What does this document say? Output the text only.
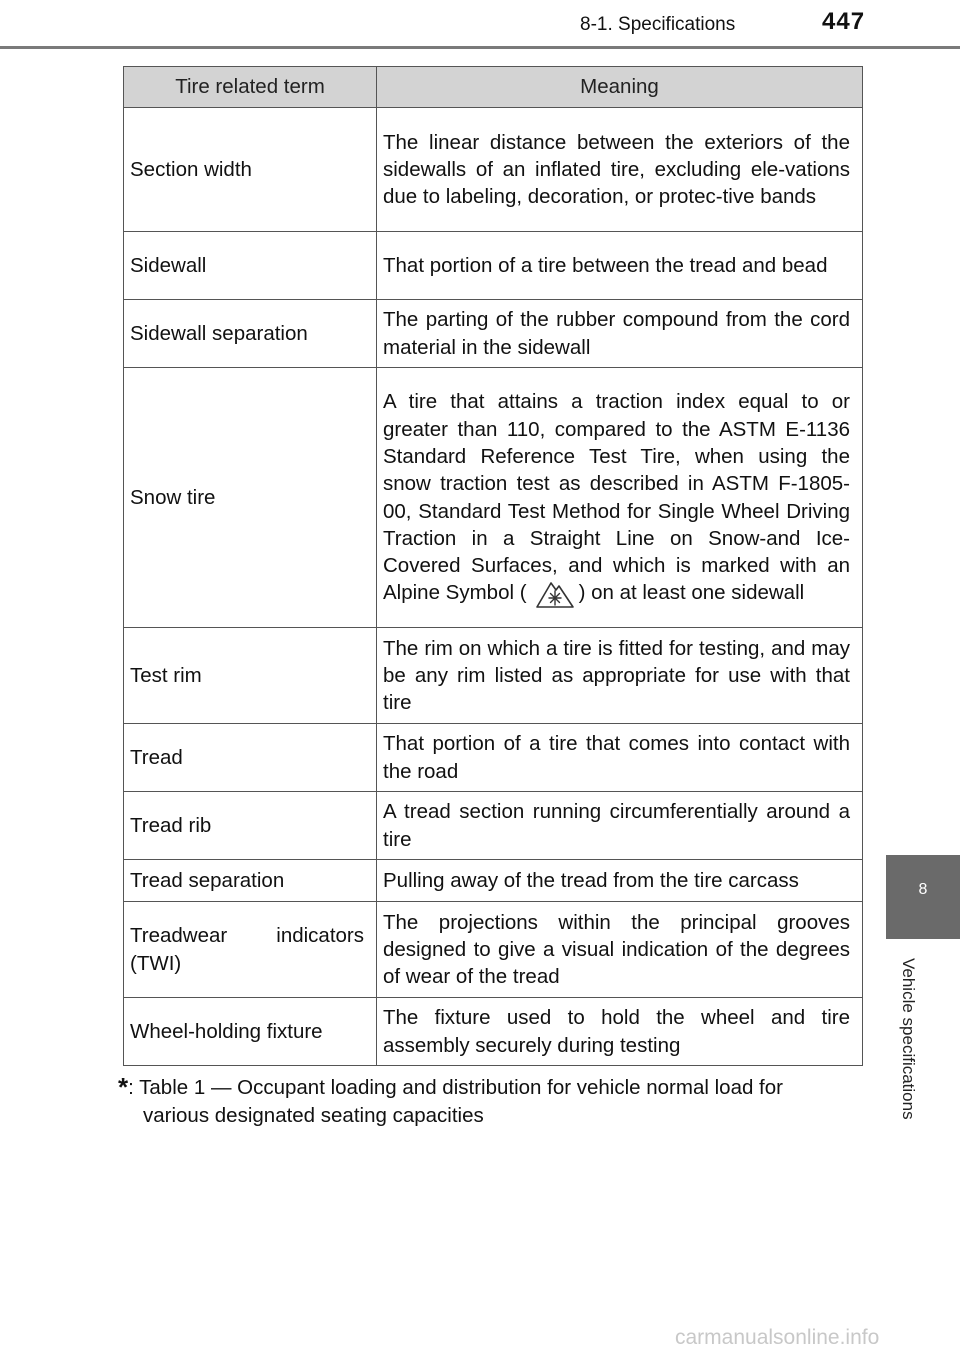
8-1. Specifications	447
8
Vehicle specifications
Tire related term	Meaning
Section width	The linear distance between the exteriors of the sidewalls of an inflated tire, excluding ele-vations due to labeling, decoration, or protec-tive bands
Sidewall	That portion of a tire between the tread and bead
Sidewall separation	The parting of the rubber compound from the cord material in the sidewall
Snow tire	A tire that attains a traction index equal to or greater than 110, compared to the ASTM E-1136 Standard Reference Test Tire, when using the snow traction test as described in ASTM F-1805-00, Standard Test Method for Single Wheel Driving Traction in a Straight Line on Snow-and Ice-Covered Surfaces, and which is marked with an Alpine Symbol ( ) on at least one sidewall
Test rim	The rim on which a tire is fitted for testing, and may be any rim listed as appropriate for use with that tire
Tread	That portion of a tire that comes into contact with the road
Tread rib	A tread section running circumferentially around a tire
Tread separation	Pulling away of the tread from the tire carcass
Treadwear indicators (TWI)	The projections within the principal grooves designed to give a visual indication of the degrees of wear of the tread
Wheel-holding fixture	The fixture used to hold the wheel and tire assembly securely during testing
*: Table 1 — Occupant loading and distribution for vehicle normal load for
various designated seating capacities
carmanualsonline.info
